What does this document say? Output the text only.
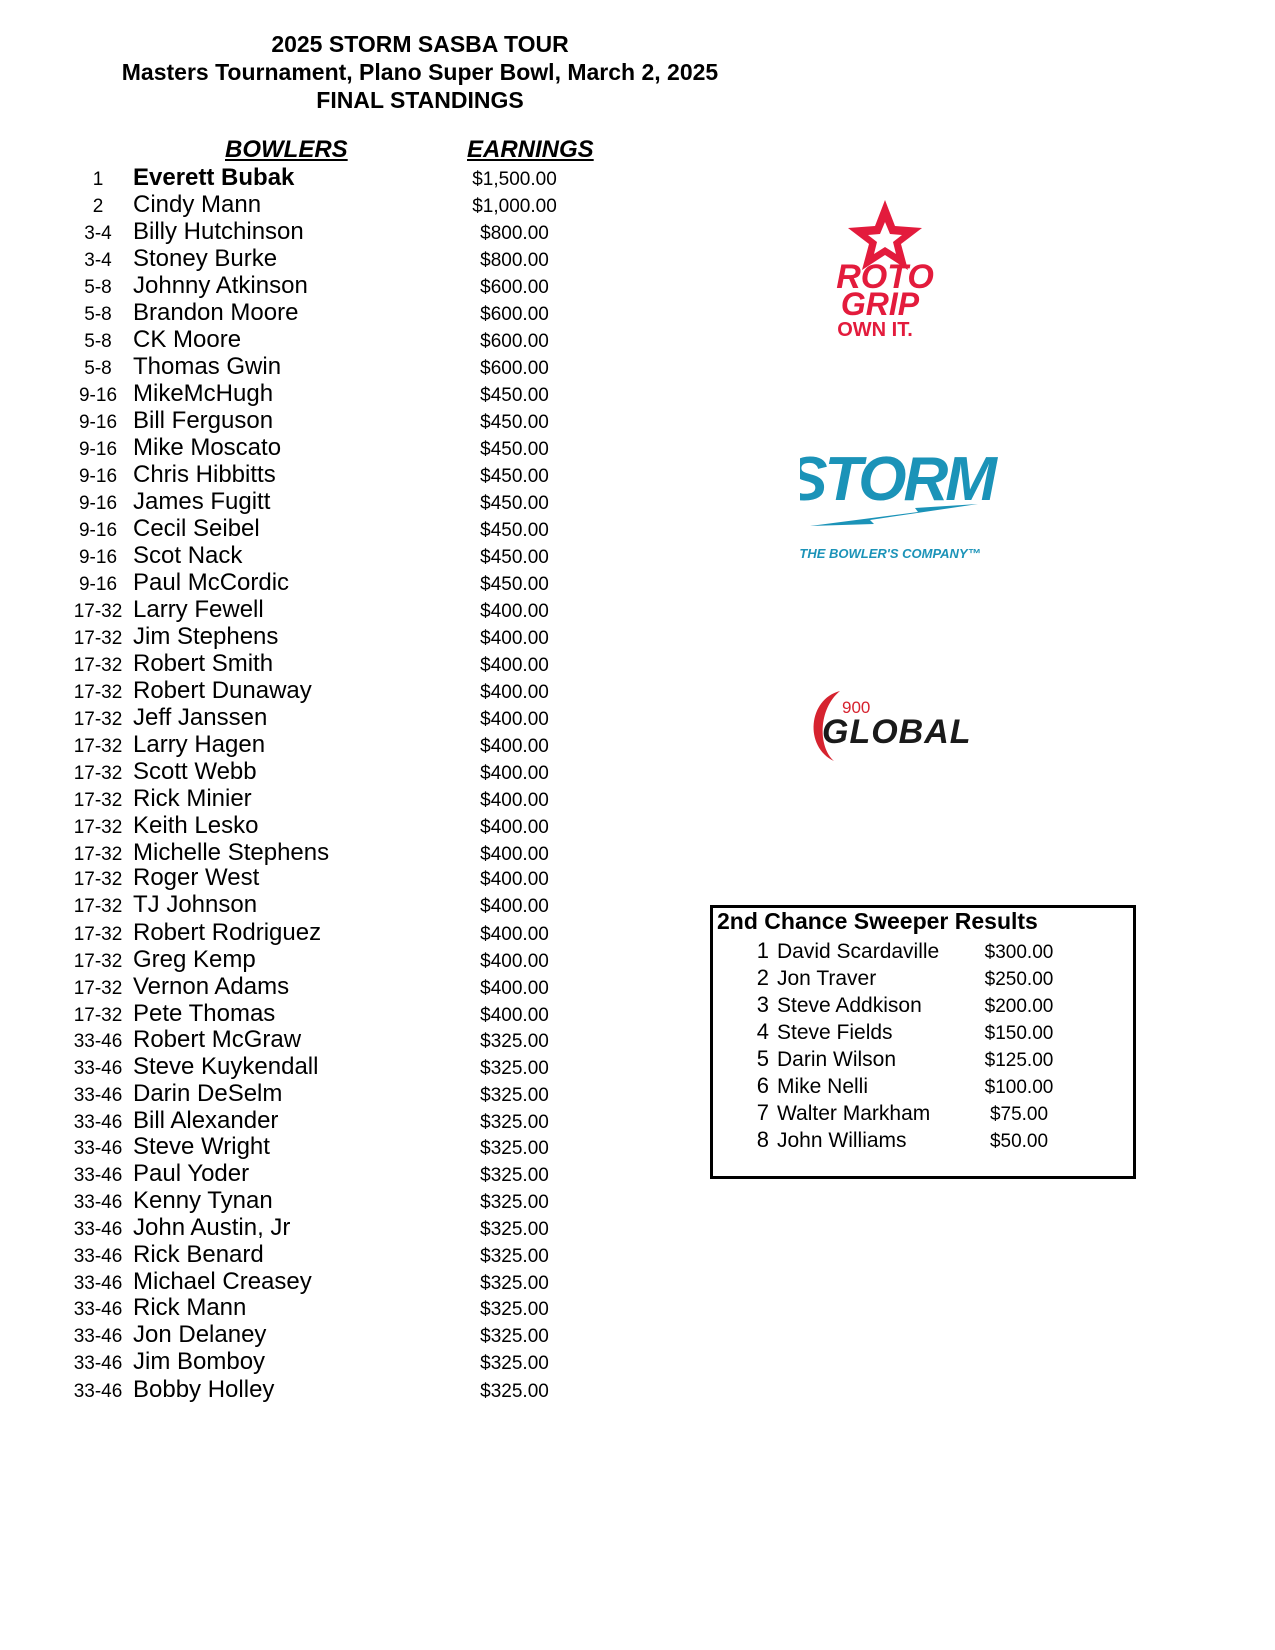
2025 STORM SASBA TOUR
Masters Tournament, Plano Super Bowl, March 2, 2025
FINAL STANDINGS
BOWLERS	EARNINGS
1	Everett Bubak	$1,500.00
2	Cindy Mann	$1,000.00
3-4 Billy Hutchinson	$800.00
3-4 Stoney Burke	$800.00
5-8 Johnny Atkinson	$600.00
5-8 Brandon Moore	$600.00
5-8 CK Moore	$600.00
5-8 Thomas Gwin	$600.00
9-16 MikeMcHugh	$450.00
9-16 Bill Ferguson	$450.00
9-16 Mike Moscato	$450.00
9-16 Chris Hibbitts	$450.00
9-16 James Fugitt	$450.00
9-16 Cecil Seibel	$450.00
9-16 Scot Nack	$450.00
9-16 Paul McCordic	$450.00
17-32 Larry Fewell	$400.00
17-32 Jim Stephens	$400.00
17-32 Robert Smith	$400.00
17-32 Robert Dunaway	$400.00
17-32 Jeff Janssen	$400.00
17-32 Larry Hagen	$400.00
17-32 Scott Webb	$400.00
17-32 Rick Minier	$400.00
17-32 Keith Lesko	$400.00
17-32 Michelle Stephens	$400.00
17-32 Roger West	$400.00
17-32 TJ Johnson	$400.00
17-32 Robert Rodriguez	$400.00
17-32 Greg Kemp	$400.00
17-32 Vernon Adams	$400.00
17-32 Pete Thomas	$400.00
33-46 Robert McGraw	$325.00
33-46 Steve Kuykendall	$325.00
33-46 Darin DeSelm	$325.00
33-46 Bill Alexander	$325.00
33-46 Steve Wright	$325.00
33-46 Paul Yoder	$325.00
33-46 Kenny Tynan	$325.00
33-46 John Austin, Jr	$325.00
33-46 Rick Benard	$325.00
33-46 Michael Creasey	$325.00
33-46 Rick Mann	$325.00
33-46 Jon Delaney	$325.00
33-46 Jim Bomboy	$325.00
33-46 Bobby Holley	$325.00
ROTO
GRIP
OWN IT.
STORM
THE BOWLER'S COMPANY™
900
GLOBAL
2nd Chance Sweeper Results
1 David Scardaville	$300.00
2 Jon Traver	$250.00
3 Steve Addkison	$200.00
4 Steve Fields	$150.00
5 Darin Wilson	$125.00
6 Mike Nelli	$100.00
7 Walter Markham	$75.00
8 John Williams	$50.00
